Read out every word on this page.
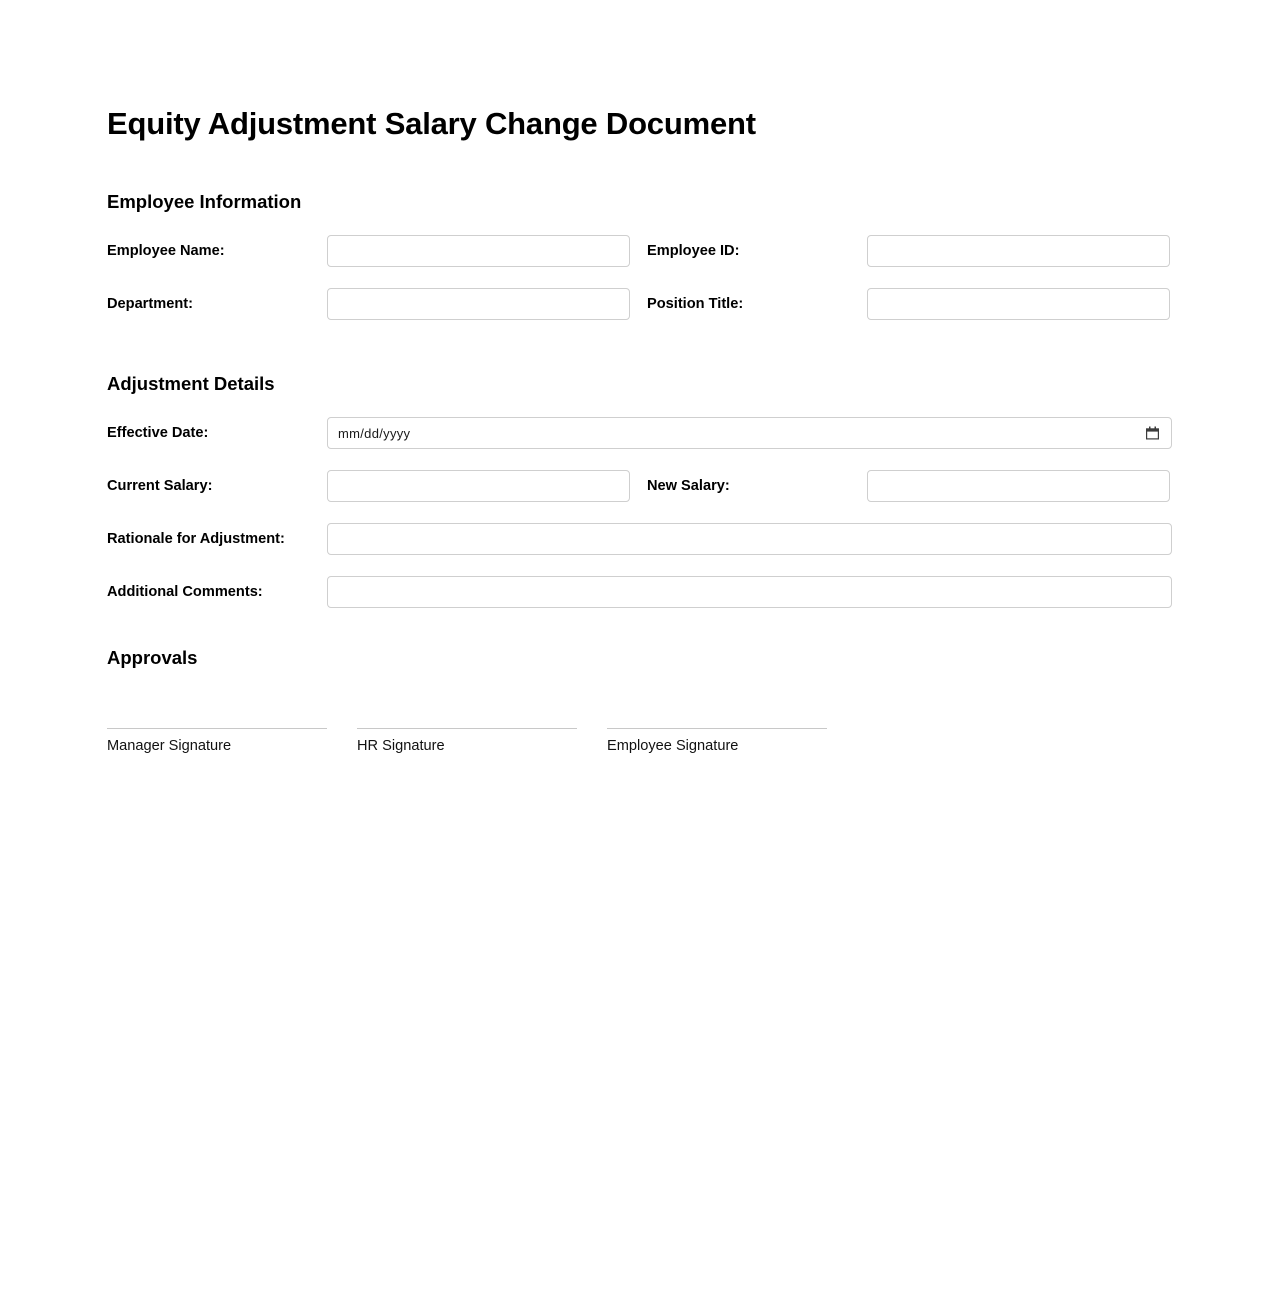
Equity Adjustment Salary Change Document
Employee Information
Employee Name:	Employee ID:
Department:	Position Title:
Adjustment Details
Effective Date:	mm/dd/yyyy
Current Salary:	New Salary:
Rationale for Adjustment:
Additional Comments:
Approvals
Manager Signature	HR Signature	Employee Signature
